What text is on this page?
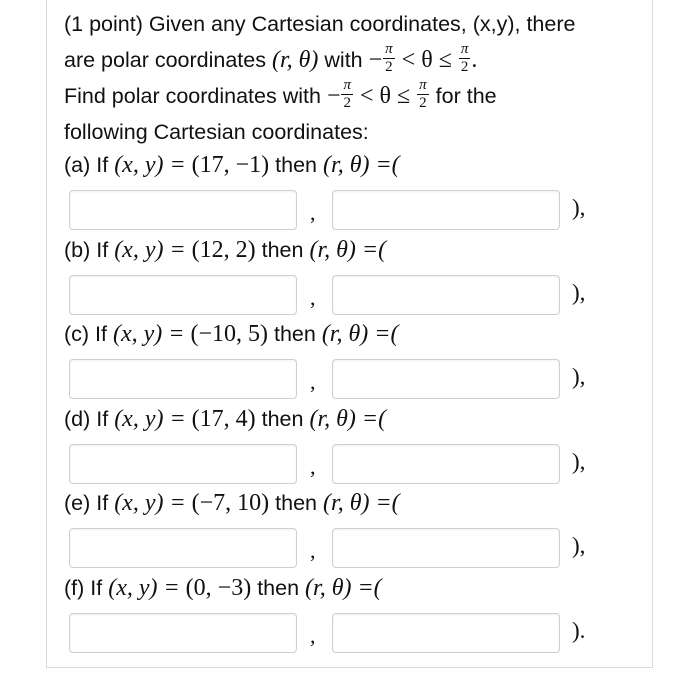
(1 point) Given any Cartesian coordinates, (x,y), there
are polar coordinates (r, θ) with − $\frac{\pi}{2} < \theta \le \frac{\pi}{2}$ .
Find polar coordinates with − $\frac{\pi}{2} < \theta \le \frac{\pi}{2}$ for the
following Cartesian coordinates:
(a) If (x, y) = (17, −1) then (r, θ) =(
,	),
(b) If (x, y) = (12, 2) then (r, θ) =(
,	),
(c) If (x, y) = (−10, 5) then (r, θ) =(
,	),
(d) If (x, y) = (17, 4) then (r, θ) =(
,	),
(e) If (x, y) = (−7, 10) then (r, θ) =(
,	),
(f) If (x, y) = (0, −3) then (r, θ) =(
,	).
